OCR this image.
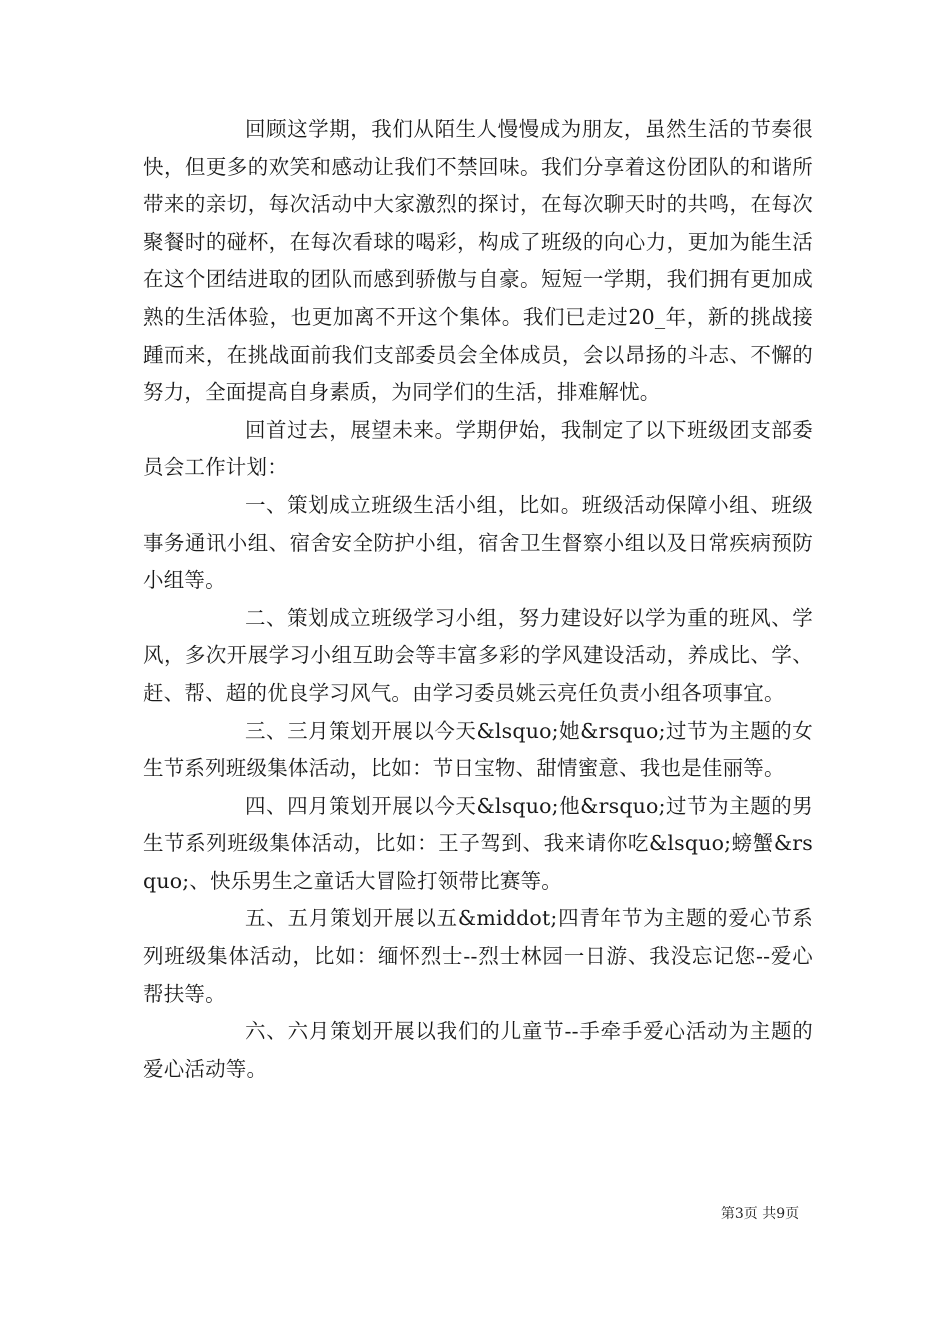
回顾这学期，我们从陌生人慢慢成为朋友，虽然生活的节奏很快，但更多的欢笑和感动让我们不禁回味。我们分享着这份团队的和谐所带来的亲切，每次活动中大家激烈的探讨，在每次聊天时的共鸣，在每次聚餐时的碰杯，在每次看球的喝彩，构成了班级的向心力，更加为能生活在这个团结进取的团队而感到骄傲与自豪。短短一学期，我们拥有更加成熟的生活体验，也更加离不开这个集体。我们已走过20_年，新的挑战接踵而来，在挑战面前我们支部委员会全体成员，会以昂扬的斗志、不懈的努力，全面提高自身素质，为同学们的生活，排难解忧。

回首过去，展望未来。学期伊始，我制定了以下班级团支部委员会工作计划：

一、策划成立班级生活小组，比如。班级活动保障小组、班级事务通讯小组、宿舍安全防护小组，宿舍卫生督察小组以及日常疾病预防小组等。

二、策划成立班级学习小组，努力建设好以学为重的班风、学风，多次开展学习小组互助会等丰富多彩的学风建设活动，养成比、学、赶、帮、超的优良学习风气。由学习委员姚云亮任负责小组各项事宜。

三、三月策划开展以今天&lsquo;她&rsquo;过节为主题的女生节系列班级集体活动，比如：节日宝物、甜情蜜意、我也是佳丽等。

四、四月策划开展以今天&lsquo;他&rsquo;过节为主题的男生节系列班级集体活动，比如：王子驾到、我来请你吃&lsquo;螃蟹&rsquo;、快乐男生之童话大冒险打领带比赛等。

五、五月策划开展以五&middot;四青年节为主题的爱心节系列班级集体活动，比如：缅怀烈士--烈士林园一日游、我没忘记您--爱心帮扶等。

六、六月策划开展以我们的儿童节--手牵手爱心活动为主题的爱心活动等。

第3页 共9页
